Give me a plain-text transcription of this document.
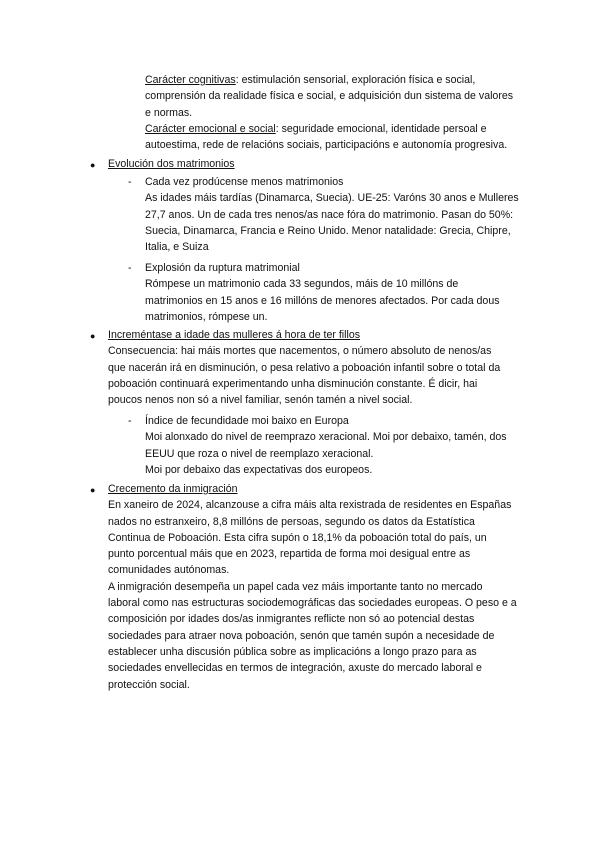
Carácter cognitivas: estimulación sensorial, exploración física e social,
comprensión da realidade física e social, e adquisición dun sistema de valores
e normas.
Carácter emocional e social: seguridade emocional, identidade persoal e
autoestima, rede de relacións sociais, participacións e autonomía progresiva.
● Evolución dos matrimonios
-	Cada vez prodúcense menos matrimonios
As idades máis tardías (Dinamarca, Suecia). UE-25: Varóns 30 anos e Mulleres
27,7 anos. Un de cada tres nenos/as nace fóra do matrimonio. Pasan do 50%:
Suecia, Dinamarca, Francia e Reino Unido. Menor natalidade: Grecia, Chipre,
Italia, e Suiza
-	Explosión da ruptura matrimonial
Rómpese un matrimonio cada 33 segundos, máis de 10 millóns de
matrimonios en 15 anos e 16 millóns de menores afectados. Por cada dous
matrimonios, rómpese un.
● Increméntase a idade das mulleres á hora de ter fillos
Consecuencia: hai máis mortes que nacementos, o número absoluto de nenos/as
que nacerán irá en disminución, o pesa relativo a poboación infantil sobre o total da
poboación continuará experimentando unha disminución constante. É dicir, hai
poucos nenos non só a nivel familiar, senón tamén a nivel social.
-	Índice de fecundidade moi baixo en Europa
Moi alonxado do nivel de reemprazo xeracional. Moi por debaixo, tamén, dos
EEUU que roza o nivel de reemplazo xeracional.
Moi por debaixo das expectativas dos europeos.
● Crecemento da inmigración
En xaneiro de 2024, alcanzouse a cifra máis alta rexistrada de residentes en Españas
nados no estranxeiro, 8,8 millóns de persoas, segundo os datos da Estatística
Continua de Poboación. Esta cifra supón o 18,1% da poboación total do país, un
punto porcentual máis que en 2023, repartida de forma moi desigual entre as
comunidades autónomas.
A inmigración desempeña un papel cada vez máis importante tanto no mercado
laboral como nas estructuras sociodemográficas das sociedades europeas. O peso e a
composición por idades dos/as inmigrantes reflicte non só ao potencial destas
sociedades para atraer nova poboación, senón que tamén supón a necesidade de
establecer unha discusión pública sobre as implicacións a longo prazo para as
sociedades envellecidas en termos de integración, axuste do mercado laboral e
protección social.
